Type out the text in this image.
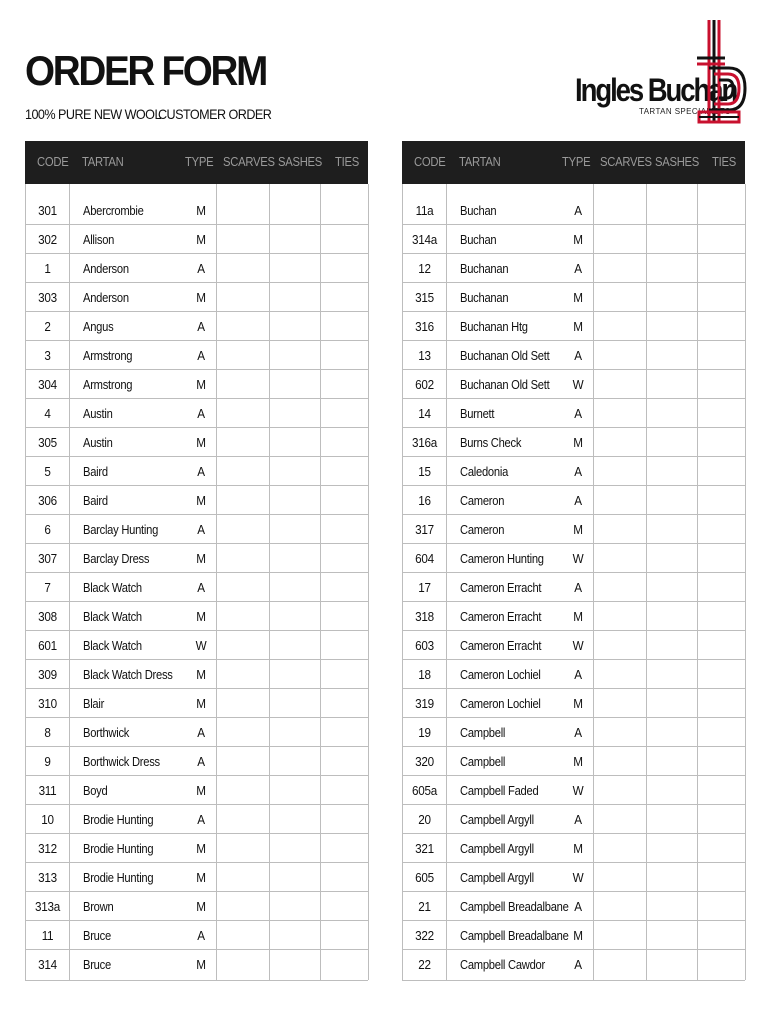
ORDER FORM
100% PURE NEW WOOL
CUSTOMER ORDER
Ingles Buchan
TARTAN SPECIALISTS
CODE TARTAN	TYPE SCARVES SASHES TIES
301	Abercrombie	M
302	Allison	M
1	Anderson	A
303	Anderson	M
2	Angus	A
3	Armstrong	A
304	Armstrong	M
4	Austin	A
305	Austin	M
5	Baird	A
306	Baird	M
6	Barclay Hunting	A
307	Barclay Dress	M
7	Black Watch	A
308	Black Watch	M
601	Black Watch	W
309	Black Watch Dress	M
310	Blair	M
8	Borthwick	A
9	Borthwick Dress	A
311	Boyd	M
10	Brodie Hunting	A
312	Brodie Hunting	M
313	Brodie Hunting	M
313a	Brown	M
11	Bruce	A
314	Bruce	M
CODE TARTAN	TYPE SCARVES SASHES TIES
11a	Buchan	A
314a	Buchan	M
12	Buchanan	A
315	Buchanan	M
316	Buchanan Htg	M
13	Buchanan Old Sett	A
602	Buchanan Old Sett	W
14	Burnett	A
316a	Burns Check	M
15	Caledonia	A
16	Cameron	A
317	Cameron	M
604	Cameron Hunting	W
17	Cameron Erracht	A
318	Cameron Erracht	M
603	Cameron Erracht	W
18	Cameron Lochiel	A
319	Cameron Lochiel	M
19	Campbell	A
320	Campbell	M
605a	Campbell Faded	W
20	Campbell Argyll	A
321	Campbell Argyll	M
605	Campbell Argyll	W
21	Campbell Breadalbane A
322	Campbell Breadalbane M
22	Campbell Cawdor	A
